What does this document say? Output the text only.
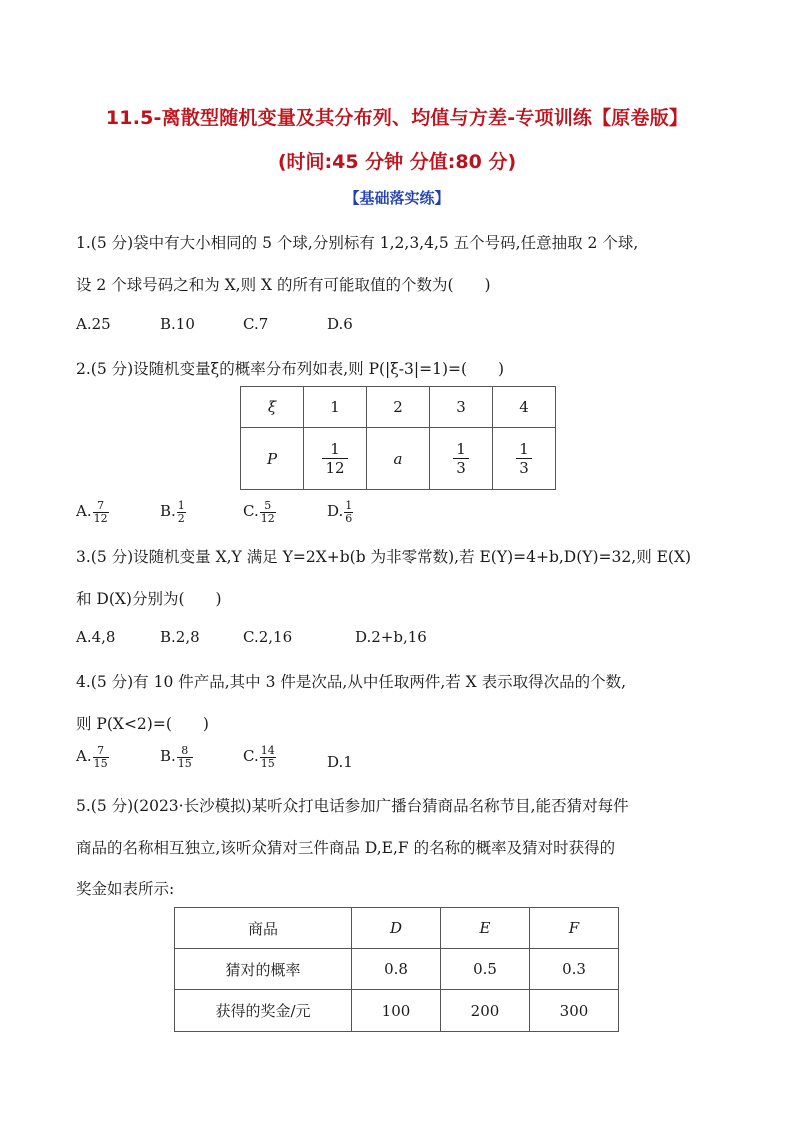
11.5-离散型随机变量及其分布列、均值与方差-专项训练【原卷版】
(时间:45 分钟 分值:80 分)
【基础落实练】
1.(5 分)袋中有大小相同的 5 个球,分别标有 1,2,3,4,5 五个号码,任意抽取 2 个球,
设 2 个球号码之和为 X,则 X 的所有可能取值的个数为(　　)
A.25	B.10	C.7	D.6
2.(5 分)设随机变量ξ的概率分布列如表,则 P(|ξ-3|=1)=(　　)
ξ	1	2	3	4
P	$\frac{1}{12}$	a	$\frac{1}{3}$	$\frac{1}{3}$
A. $\frac{7}{12}$	B. $\frac{1}{2}$	C. $\frac{5}{12}$	D. $\frac{1}{6}$
3.(5 分)设随机变量 X,Y 满足 Y=2X+b(b 为非零常数),若 E(Y)=4+b,D(Y)=32,则 E(X)
和 D(X)分别为(　　)
A.4,8	B.2,8	C.2,16	D.2+b,16
4.(5 分)有 10 件产品,其中 3 件是次品,从中任取两件,若 X 表示取得次品的个数,
则 P(X<2)=(　　)
A. $\frac{7}{15}$	B. $\frac{8}{15}$	C. $\frac{14}{15}$	D.1
5.(5 分)(2023·长沙模拟)某听众打电话参加广播台猜商品名称节目,能否猜对每件
商品的名称相互独立,该听众猜对三件商品 D,E,F 的名称的概率及猜对时获得的
奖金如表所示:
商品	D	E	F
猜对的概率	0.8	0.5	0.3
获得的奖金/元	100	200	300
